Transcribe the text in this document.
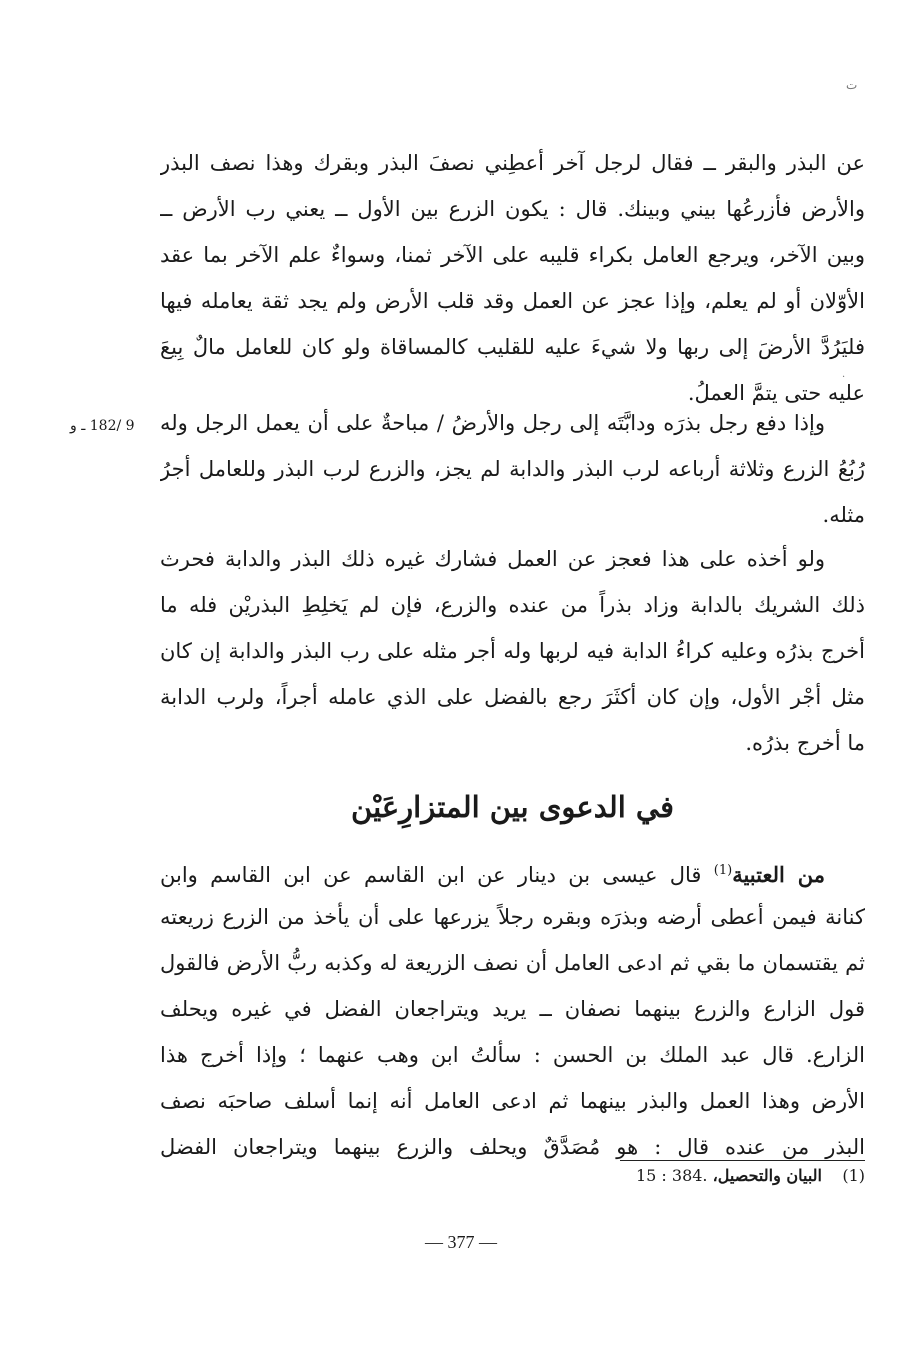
ت
·
عن البذر والبقر ــ فقال لرجل آخر أعطِني نصفَ البذر وبقرك وهذا نصف البذر
والأرض فأزرعُها بيني وبينك. قال : يكون الزرع بين الأول ــ يعني رب الأرض ــ
وبين الآخر، ويرجع العامل بكراء قليبه على الآخر ثمنا، وسواءٌ علم الآخر بما عقد
الأوّلان أو لم يعلم، وإذا عجز عن العمل وقد قلب الأرض ولم يجد ثقة يعامله فيها
فليَرُدَّ الأرضَ إلى ربها ولا شيءَ عليه للقليب كالمساقاة ولو كان للعامل مالٌ بِيعَ
عليه حتى يتمَّ العملُ.
9 /182 ـ و وإذا دفع رجل بذرَه ودابَّتَه إلى رجل والأرضُ / مباحةٌ على أن يعمل الرجل وله
رُبُعُ الزرع وثلاثة أرباعه لرب البذر والدابة لم يجز، والزرع لرب البذر وللعامل أجرُ
مثله.
ولو أخذه على هذا فعجز عن العمل فشارك غيره ذلك البذر والدابة فحرث
ذلك الشريك بالدابة وزاد بذراً من عنده والزرع، فإن لم يَخلِطِ البذريْن فله ما
أخرج بذرُه وعليه كراءُ الدابة فيه لربها وله أجر مثله على رب البذر والدابة إن كان
مثل أجْر الأول، وإن كان أكثَرَ رجع بالفضل على الذي عامله أجراً، ولرب الدابة
ما أخرج بذرُه.
في الدعوى بين المتزارِعَيْن
من العتبية$^{(1)}$ قال عيسى بن دينار عن ابن القاسم عن ابن القاسم وابن
كنانة فيمن أعطى أرضه وبذرَه وبقره رجلاً يزرعها على أن يأخذ من الزرع زريعته
ثم يقتسمان ما بقي ثم ادعى العامل أن نصف الزريعة له وكذبه ربُّ الأرض فالقول
قول الزارع والزرع بينهما نصفان ــ يريد ويتراجعان الفضل في غيره ويحلف
الزارع. قال عبد الملك بن الحسن : سألتُ ابن وهب عنهما ؛ وإذا أخرج هذا
الأرض وهذا العمل والبذر بينهما ثم ادعى العامل أنه إنما أسلف صاحبَه نصف
البذر من عنده قال : هو مُصَدَّقٌ ويحلف والزرع بينهما ويتراجعان الفضل
(1)    البيان والتحصيل، 15 : 384.
— 377 —
